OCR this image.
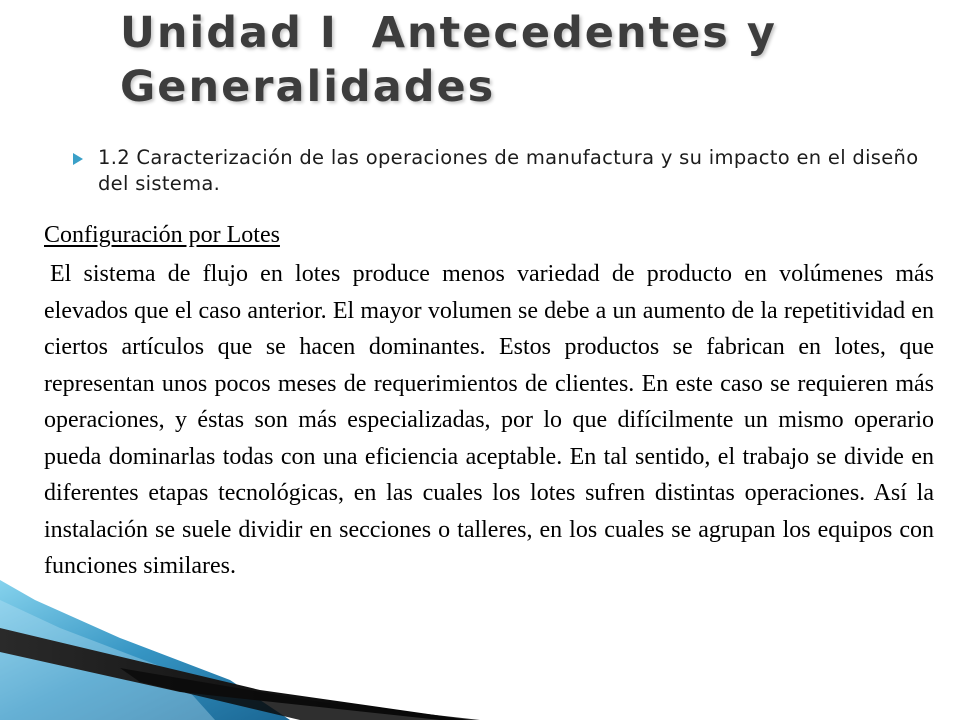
Unidad I  Antecedentes y Generalidades
1.2 Caracterización de las operaciones de manufactura y su impacto en el diseño del sistema.
Configuración por Lotes

El sistema de flujo en lotes produce menos variedad de producto en volúmenes más elevados que el caso anterior. El mayor volumen se debe a un aumento de la repetitividad en ciertos artículos que se hacen dominantes. Estos productos se fabrican en lotes, que representan unos pocos meses de requerimientos de clientes. En este caso se requieren más operaciones, y éstas son más especializadas, por lo que difícilmente un mismo operario pueda dominarlas todas con una eficiencia aceptable. En tal sentido, el trabajo se divide en diferentes etapas tecnológicas, en las cuales los lotes sufren distintas operaciones. Así la instalación se suele dividir en secciones o talleres, en los cuales se agrupan los equipos con funciones similares.
